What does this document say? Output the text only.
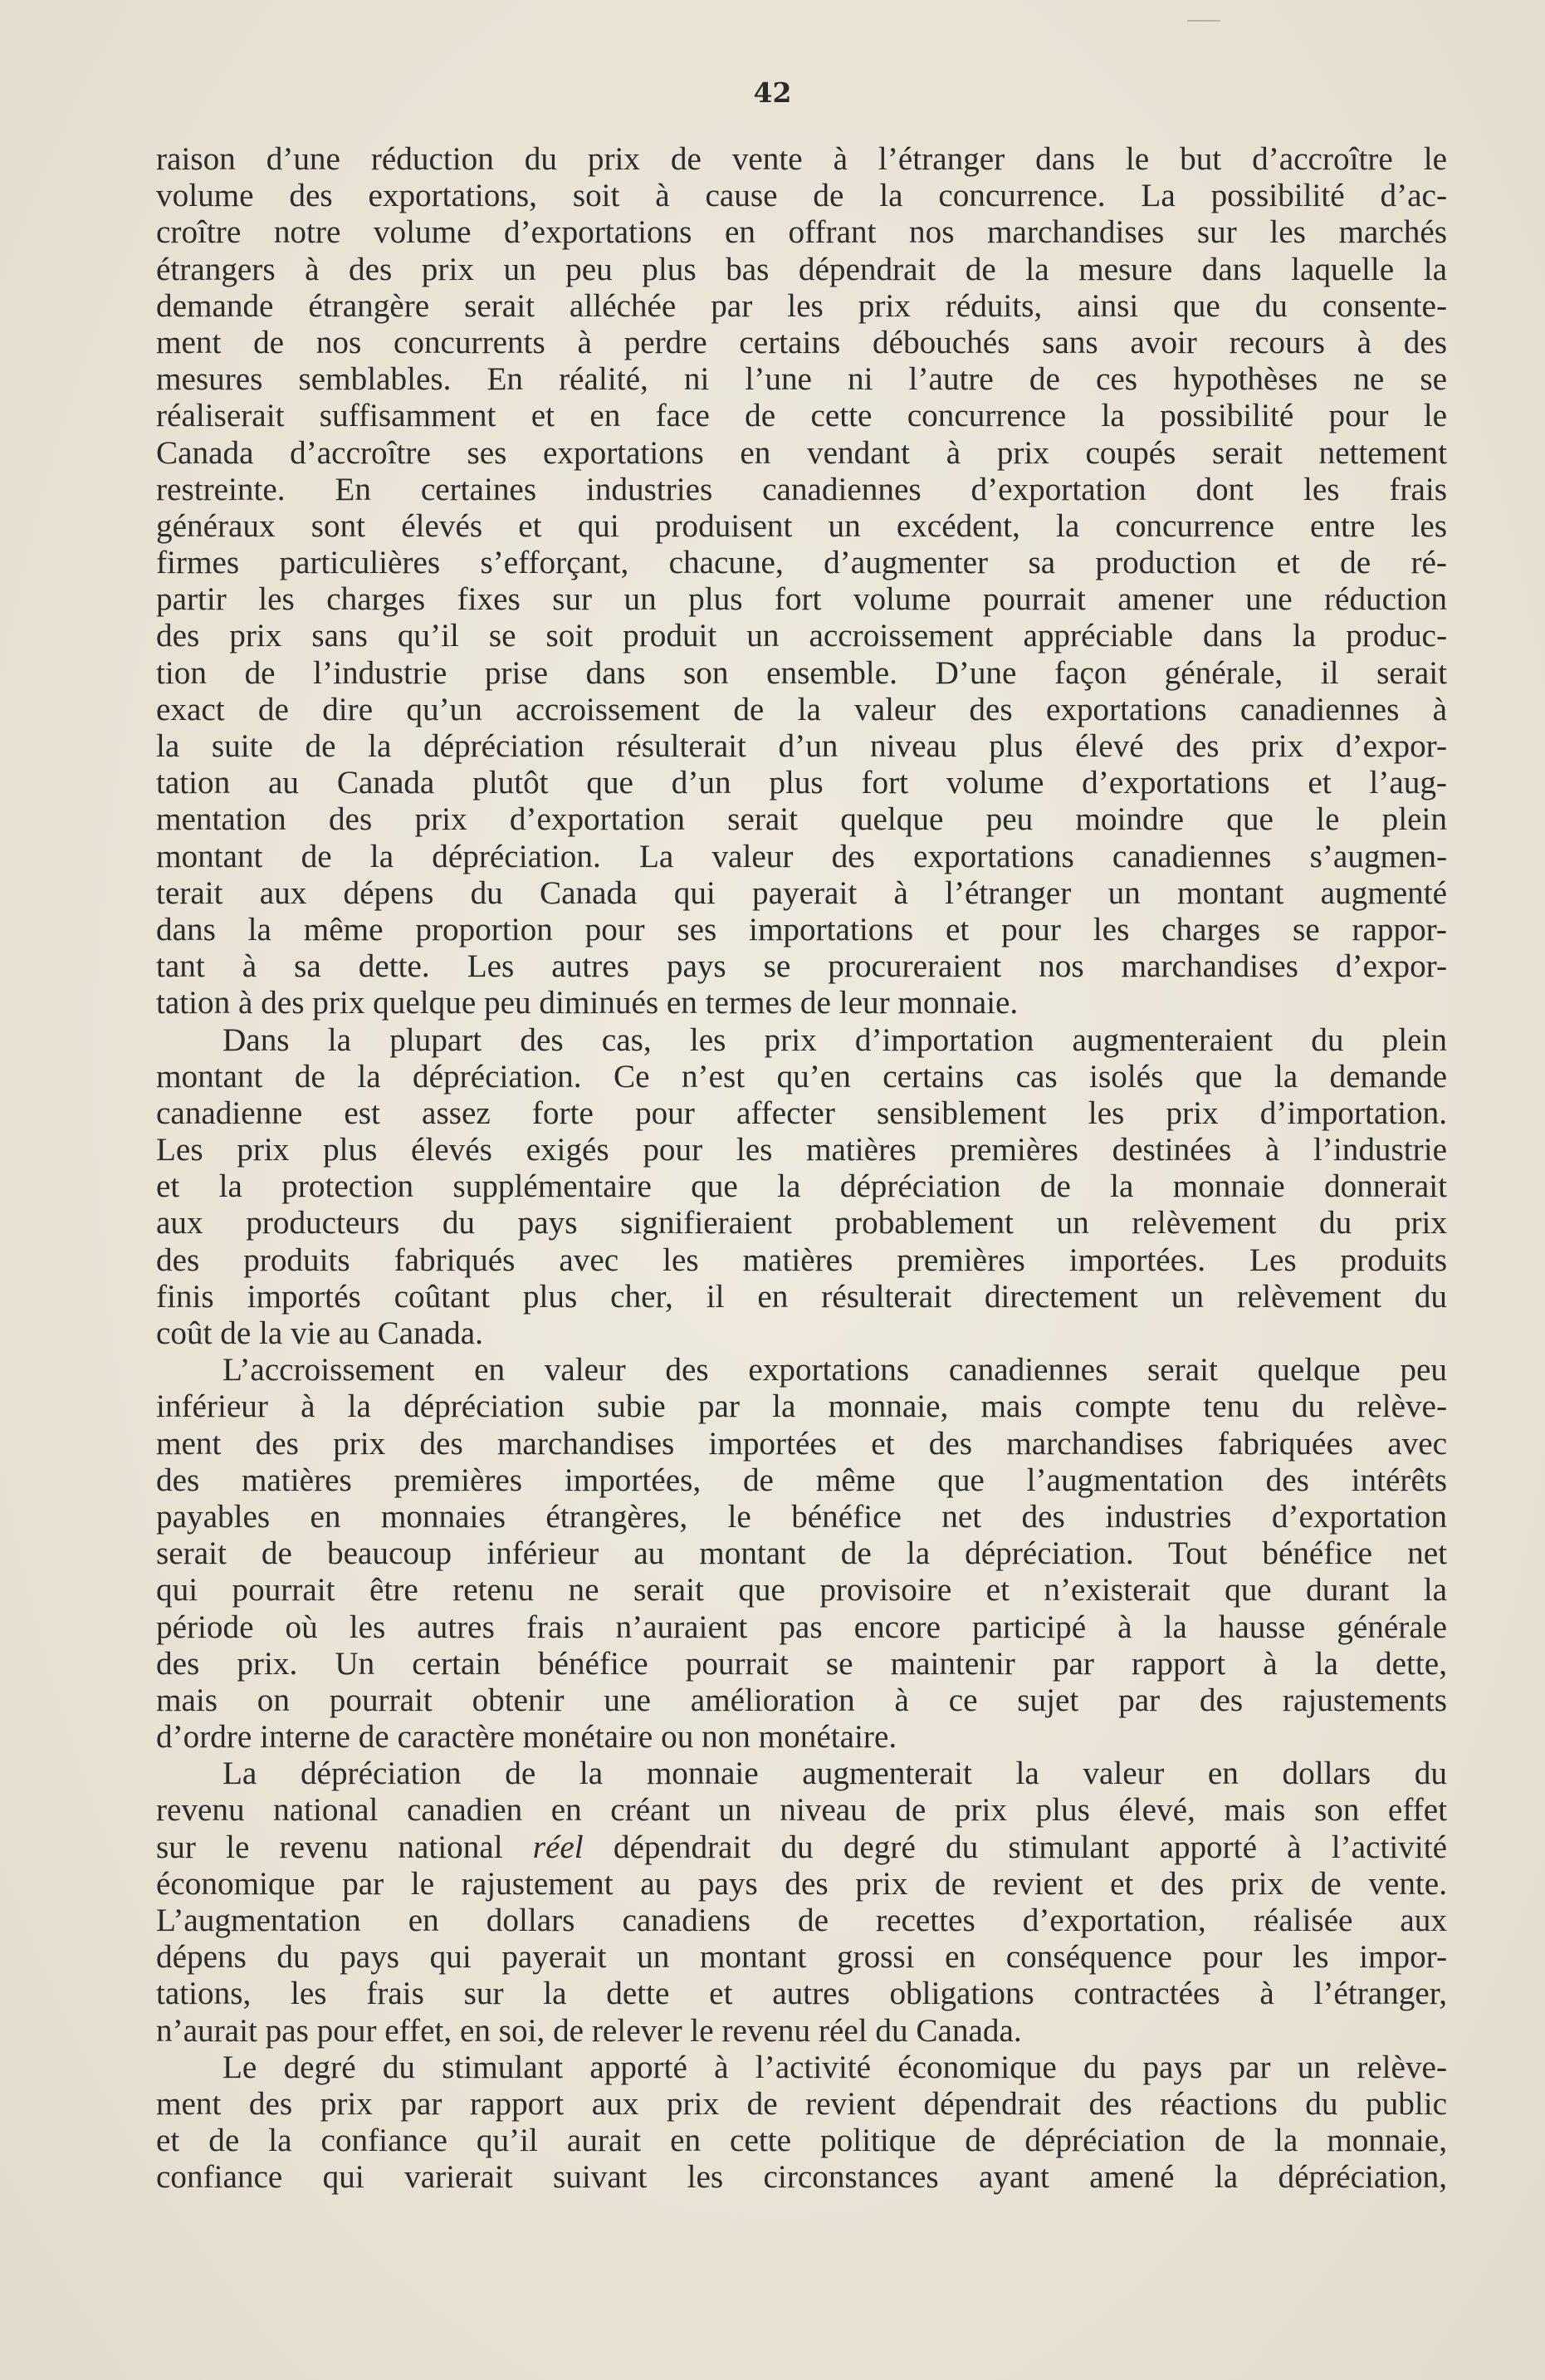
42
raison d’une réduction du prix de vente à l’étranger dans le but d’accroître le
volume des exportations, soit à cause de la concurrence. La possibilité d’ac-
croître notre volume d’exportations en offrant nos marchandises sur les marchés
étrangers à des prix un peu plus bas dépendrait de la mesure dans laquelle la
demande étrangère serait alléchée par les prix réduits, ainsi que du consente-
ment de nos concurrents à perdre certains débouchés sans avoir recours à des
mesures semblables. En réalité, ni l’une ni l’autre de ces hypothèses ne se
réaliserait suffisamment et en face de cette concurrence la possibilité pour le
Canada d’accroître ses exportations en vendant à prix coupés serait nettement
restreinte. En certaines industries canadiennes d’exportation dont les frais
généraux sont élevés et qui produisent un excédent, la concurrence entre les
firmes particulières s’efforçant, chacune, d’augmenter sa production et de ré-
partir les charges fixes sur un plus fort volume pourrait amener une réduction
des prix sans qu’il se soit produit un accroissement appréciable dans la produc-
tion de l’industrie prise dans son ensemble. D’une façon générale, il serait
exact de dire qu’un accroissement de la valeur des exportations canadiennes à
la suite de la dépréciation résulterait d’un niveau plus élevé des prix d’expor-
tation au Canada plutôt que d’un plus fort volume d’exportations et l’aug-
mentation des prix d’exportation serait quelque peu moindre que le plein
montant de la dépréciation. La valeur des exportations canadiennes s’augmen-
terait aux dépens du Canada qui payerait à l’étranger un montant augmenté
dans la même proportion pour ses importations et pour les charges se rappor-
tant à sa dette. Les autres pays se procureraient nos marchandises d’expor-
tation à des prix quelque peu diminués en termes de leur monnaie.
Dans la plupart des cas, les prix d’importation augmenteraient du plein
montant de la dépréciation. Ce n’est qu’en certains cas isolés que la demande
canadienne est assez forte pour affecter sensiblement les prix d’importation.
Les prix plus élevés exigés pour les matières premières destinées à l’industrie
et la protection supplémentaire que la dépréciation de la monnaie donnerait
aux producteurs du pays signifieraient probablement un relèvement du prix
des produits fabriqués avec les matières premières importées. Les produits
finis importés coûtant plus cher, il en résulterait directement un relèvement du
coût de la vie au Canada.
L’accroissement en valeur des exportations canadiennes serait quelque peu
inférieur à la dépréciation subie par la monnaie, mais compte tenu du relève-
ment des prix des marchandises importées et des marchandises fabriquées avec
des matières premières importées, de même que l’augmentation des intérêts
payables en monnaies étrangères, le bénéfice net des industries d’exportation
serait de beaucoup inférieur au montant de la dépréciation. Tout bénéfice net
qui pourrait être retenu ne serait que provisoire et n’existerait que durant la
période où les autres frais n’auraient pas encore participé à la hausse générale
des prix. Un certain bénéfice pourrait se maintenir par rapport à la dette,
mais on pourrait obtenir une amélioration à ce sujet par des rajustements
d’ordre interne de caractère monétaire ou non monétaire.
La dépréciation de la monnaie augmenterait la valeur en dollars du
revenu national canadien en créant un niveau de prix plus élevé, mais son effet
sur le revenu national réel dépendrait du degré du stimulant apporté à l’activité
économique par le rajustement au pays des prix de revient et des prix de vente.
L’augmentation en dollars canadiens de recettes d’exportation, réalisée aux
dépens du pays qui payerait un montant grossi en conséquence pour les impor-
tations, les frais sur la dette et autres obligations contractées à l’étranger,
n’aurait pas pour effet, en soi, de relever le revenu réel du Canada.
Le degré du stimulant apporté à l’activité économique du pays par un relève-
ment des prix par rapport aux prix de revient dépendrait des réactions du public
et de la confiance qu’il aurait en cette politique de dépréciation de la monnaie,
confiance qui varierait suivant les circonstances ayant amené la dépréciation,
